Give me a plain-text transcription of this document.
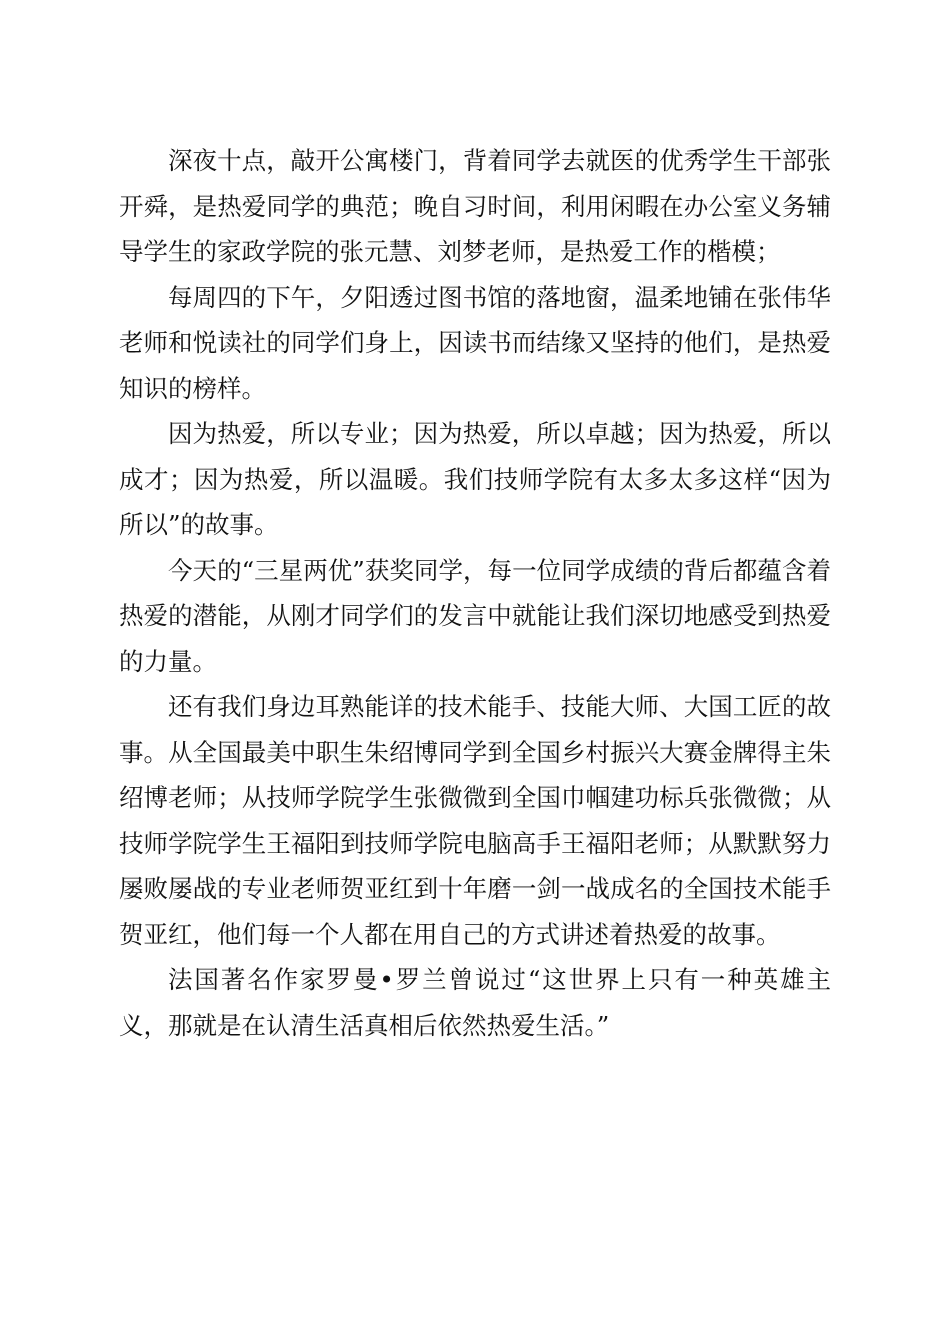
深夜十点，敲开公寓楼门，背着同学去就医的优秀学生干部张开舜，是热爱同学的典范；晚自习时间，利用闲暇在办公室义务辅导学生的家政学院的张元慧、刘梦老师，是热爱工作的楷模；

每周四的下午，夕阳透过图书馆的落地窗，温柔地铺在张伟华老师和悦读社的同学们身上，因读书而结缘又坚持的他们，是热爱知识的榜样。

因为热爱，所以专业；因为热爱，所以卓越；因为热爱，所以成才；因为热爱，所以温暖。我们技师学院有太多太多这样“因为所以”的故事。

今天的“三星两优”获奖同学，每一位同学成绩的背后都蕴含着热爱的潜能，从刚才同学们的发言中就能让我们深切地感受到热爱的力量。

还有我们身边耳熟能详的技术能手、技能大师、大国工匠的故事。从全国最美中职生朱绍博同学到全国乡村振兴大赛金牌得主朱绍博老师；从技师学院学生张微微到全国巾帼建功标兵张微微；从技师学院学生王福阳到技师学院电脑高手王福阳老师；从默默努力屡败屡战的专业老师贺亚红到十年磨一剑一战成名的全国技术能手贺亚红，他们每一个人都在用自己的方式讲述着热爱的故事。

法国著名作家罗曼•罗兰曾说过“这世界上只有一种英雄主义，那就是在认清生活真相后依然热爱生活。”
